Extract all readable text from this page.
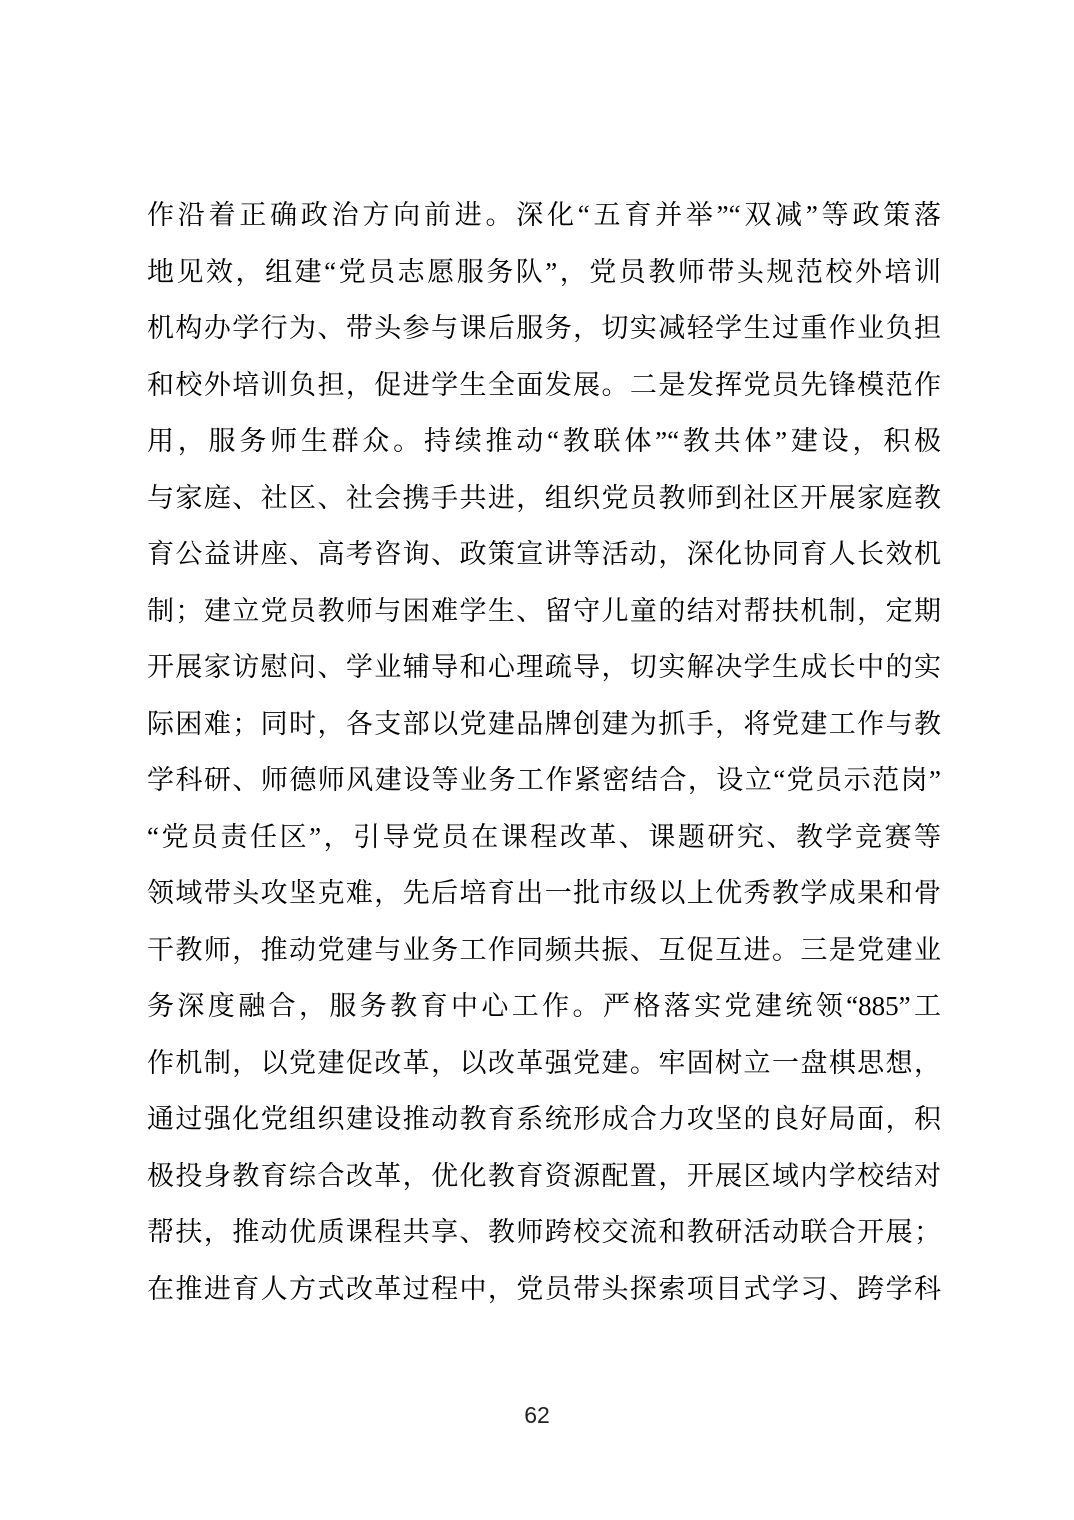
作沿着正确政治方向前进。深化“五育并举”“双减”等政策落

地见效，组建“党员志愿服务队”，党员教师带头规范校外培训

机构办学行为、带头参与课后服务，切实减轻学生过重作业负担

和校外培训负担，促进学生全面发展。二是发挥党员先锋模范作

用，服务师生群众。持续推动“教联体”“教共体”建设，积极

与家庭、社区、社会携手共进，组织党员教师到社区开展家庭教

育公益讲座、高考咨询、政策宣讲等活动，深化协同育人长效机

制；建立党员教师与困难学生、留守儿童的结对帮扶机制，定期

开展家访慰问、学业辅导和心理疏导，切实解决学生成长中的实

际困难；同时，各支部以党建品牌创建为抓手，将党建工作与教

学科研、师德师风建设等业务工作紧密结合，设立“党员示范岗”

“党员责任区”，引导党员在课程改革、课题研究、教学竞赛等

领域带头攻坚克难，先后培育出一批市级以上优秀教学成果和骨

干教师，推动党建与业务工作同频共振、互促互进。三是党建业

务深度融合，服务教育中心工作。严格落实党建统领“885”工

作机制，以党建促改革，以改革强党建。牢固树立一盘棋思想，

通过强化党组织建设推动教育系统形成合力攻坚的良好局面，积

极投身教育综合改革，优化教育资源配置，开展区域内学校结对

帮扶，推动优质课程共享、教师跨校交流和教研活动联合开展；

在推进育人方式改革过程中，党员带头探索项目式学习、跨学科

62
